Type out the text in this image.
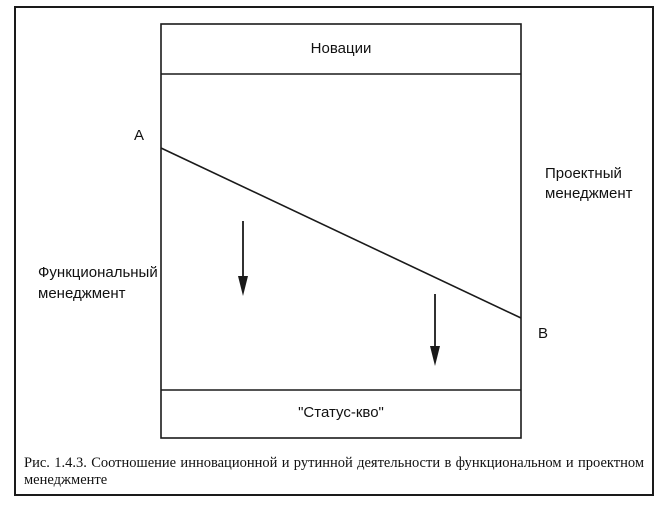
Новации
"Статус-кво"
А
В
Проектный
менеджмент
Функциональный
менеджмент
Рис. 1.4.3. Соотношение инновационной и рутинной деятельности в функциональном и проектном менеджменте
